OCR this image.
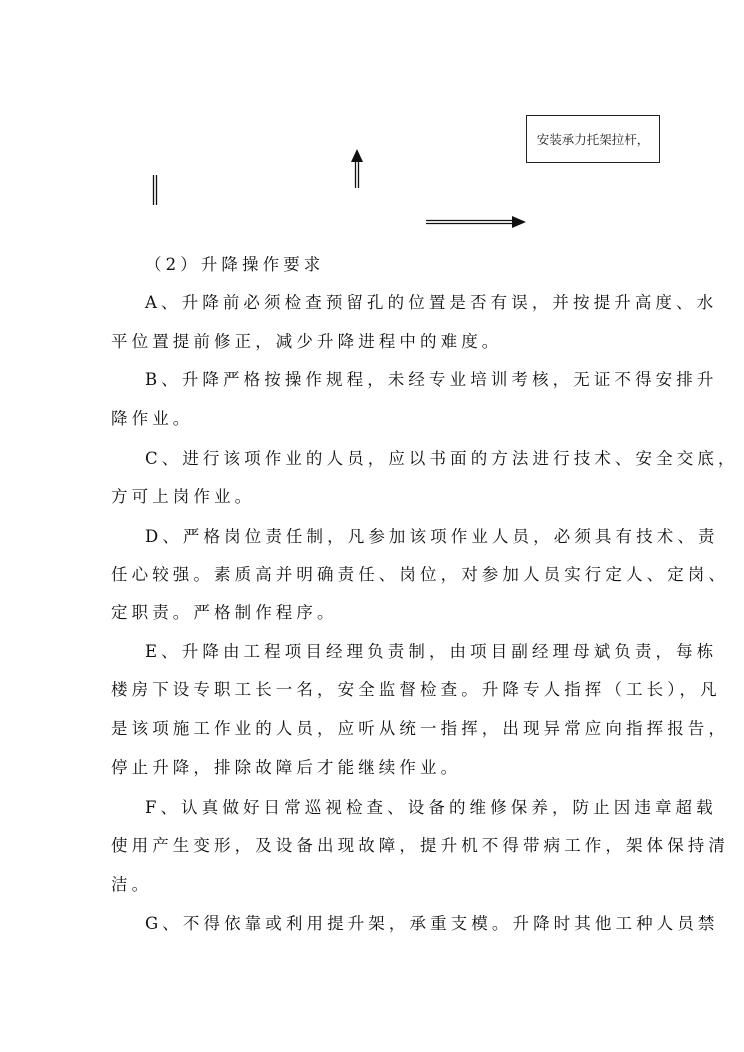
安装承力托架拉杆，
（2）升降操作要求
A、升降前必须检查预留孔的位置是否有误，并按提升高度、水
平位置提前修正，减少升降进程中的难度。
B、升降严格按操作规程，未经专业培训考核，无证不得安排升
降作业。
C、进行该项作业的人员，应以书面的方法进行技术、安全交底，
方可上岗作业。
D、严格岗位责任制，凡参加该项作业人员，必须具有技术、责
任心较强。素质高并明确责任、岗位，对参加人员实行定人、定岗、
定职责。严格制作程序。
E、升降由工程项目经理负责制，由项目副经理母斌负责，每栋
楼房下设专职工长一名，安全监督检查。升降专人指挥（工长），凡
是该项施工作业的人员，应听从统一指挥，出现异常应向指挥报告，
停止升降，排除故障后才能继续作业。
F、认真做好日常巡视检查、设备的维修保养，防止因违章超载
使用产生变形，及设备出现故障，提升机不得带病工作，架体保持清
洁。
G、不得依靠或利用提升架，承重支模。升降时其他工种人员禁
